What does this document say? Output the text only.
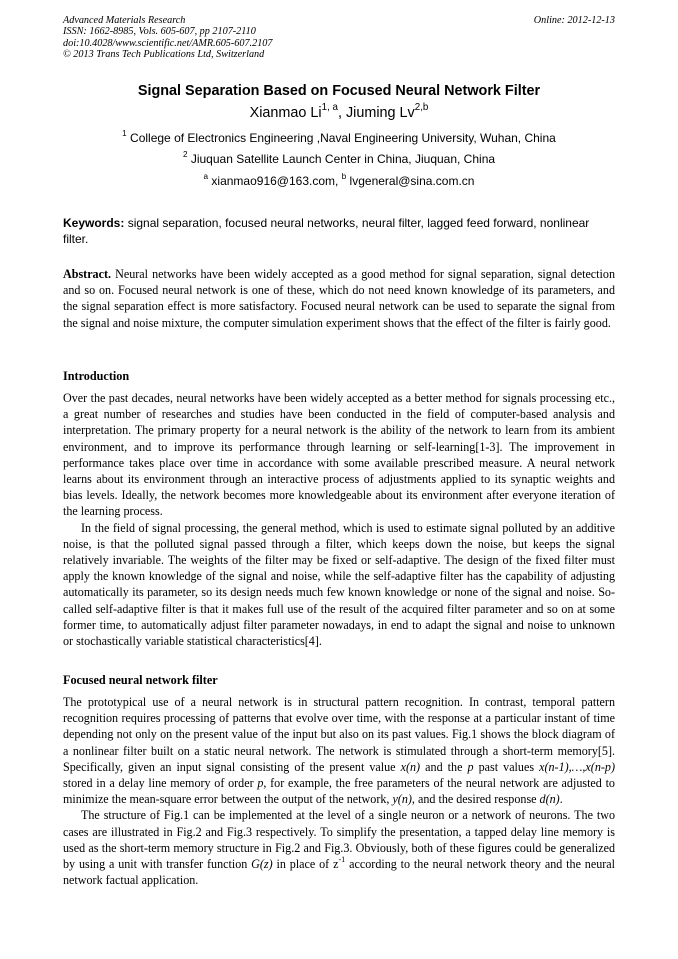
Advanced Materials Research
ISSN: 1662-8985, Vols. 605-607, pp 2107-2110
doi:10.4028/www.scientific.net/AMR.605-607.2107
© 2013 Trans Tech Publications Ltd, Switzerland
Online: 2012-12-13
Signal Separation Based on Focused Neural Network Filter
Xianmao Li$^{1, a}$, Jiuming Lv$^{2,b}$
$^1$ College of Electronics Engineering ,Naval Engineering University, Wuhan, China
$^2$ Jiuquan Satellite Launch Center in China, Jiuquan, China
$^a$ xianmao916@163.com, $^b$ lvgeneral@sina.com.cn
Keywords: signal separation, focused neural networks, neural filter, lagged feed forward, nonlinear filter.
Abstract. Neural networks have been widely accepted as a good method for signal separation, signal detection and so on. Focused neural network is one of these, which do not need known knowledge of its parameters, and the signal separation effect is more satisfactory. Focused neural network can be used to separate the signal from the signal and noise mixture, the computer simulation experiment shows that the effect of the filter is fairly good.
Introduction

Over the past decades, neural networks have been widely accepted as a better method for signals processing etc., a great number of researches and studies have been conducted in the field of computer-based analysis and interpretation. The primary property for a neural network is the ability of the network to learn from its ambient environment, and to improve its performance through learning or self-learning[1-3]. The improvement in performance takes place over time in accordance with some available prescribed measure. A neural network learns about its environment through an interactive process of adjustments applied to its synaptic weights and bias levels. Ideally, the network becomes more knowledgeable about its environment after everyone iteration of the learning process.

In the field of signal processing, the general method, which is used to estimate signal polluted by an additive noise, is that the polluted signal passed through a filter, which keeps down the noise, but keeps the signal relatively invariable. The weights of the filter may be fixed or self-adaptive. The design of the fixed filter must apply the known knowledge of the signal and noise, while the self-adaptive filter has the capability of adjusting automatically its parameter, so its design needs much few known knowledge or none of the signal and noise. So-called self-adaptive filter is that it makes full use of the result of the acquired filter parameter and so on at some former time, to automatically adjust filter parameter nowadays, in end to adapt the signal and noise to unknown or stochastically variable statistical characteristics[4].

Focused neural network filter

The prototypical use of a neural network is in structural pattern recognition. In contrast, temporal pattern recognition requires processing of patterns that evolve over time, with the response at a particular instant of time depending not only on the present value of the input but also on its past values. Fig.1 shows the block diagram of a nonlinear filter built on a static neural network. The network is stimulated through a short-term memory[5]. Specifically, given an input signal consisting of the present value x(n) and the p past values x(n-1),…,x(n-p) stored in a delay line memory of order p, for example, the free parameters of the neural network are adjusted to minimize the mean-square error between the output of the network, y(n), and the desired response d(n).

The structure of Fig.1 can be implemented at the level of a single neuron or a network of neurons. The two cases are illustrated in Fig.2 and Fig.3 respectively. To simplify the presentation, a tapped delay line memory is used as the short-term memory structure in Fig.2 and Fig.3. Obviously, both of these figures could be generalized by using a unit with transfer function G(z) in place of $z^{-1}$ according to the neural network theory and the neural network factual application.
